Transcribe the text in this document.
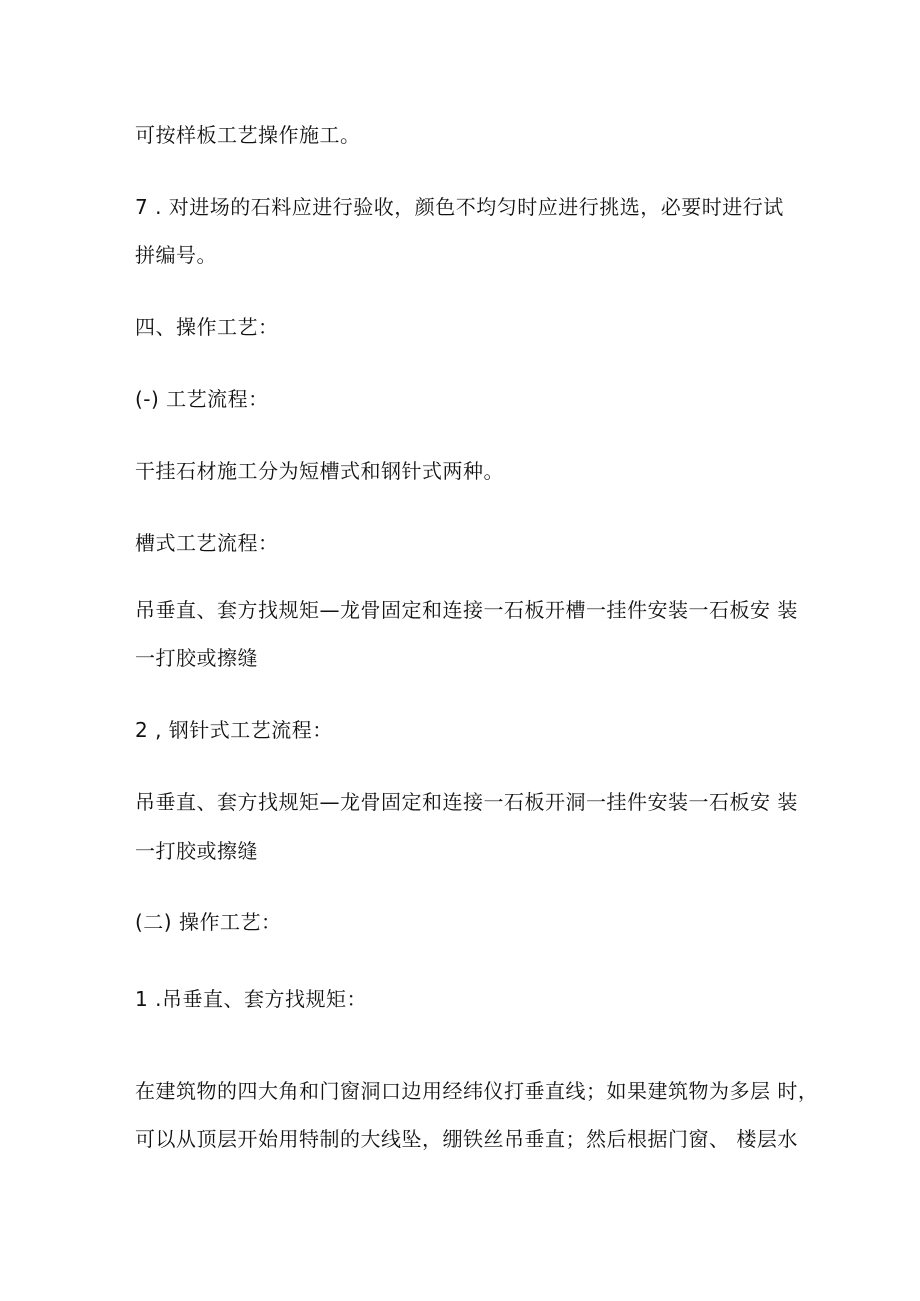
可按样板工艺操作施工。
7 . 对进场的石料应进行验收，颜色不均匀时应进行挑选，必要时进行试
拼编号。
四、操作工艺：
(-) 工艺流程：
干挂石材施工分为短槽式和钢针式两种。
槽式工艺流程：
吊垂直、套方找规矩—龙骨固定和连接一石板开槽一挂件安装一石板安 装
一打胶或擦缝
2 , 钢针式工艺流程：
吊垂直、套方找规矩—龙骨固定和连接一石板开洞一挂件安装一石板安 装
一打胶或擦缝
(二) 操作工艺：
1 .吊垂直、套方找规矩：
在建筑物的四大角和门窗洞口边用经纬仪打垂直线；如果建筑物为多层 时，
可以从顶层开始用特制的大线坠，绷铁丝吊垂直；然后根据门窗、 楼层水
